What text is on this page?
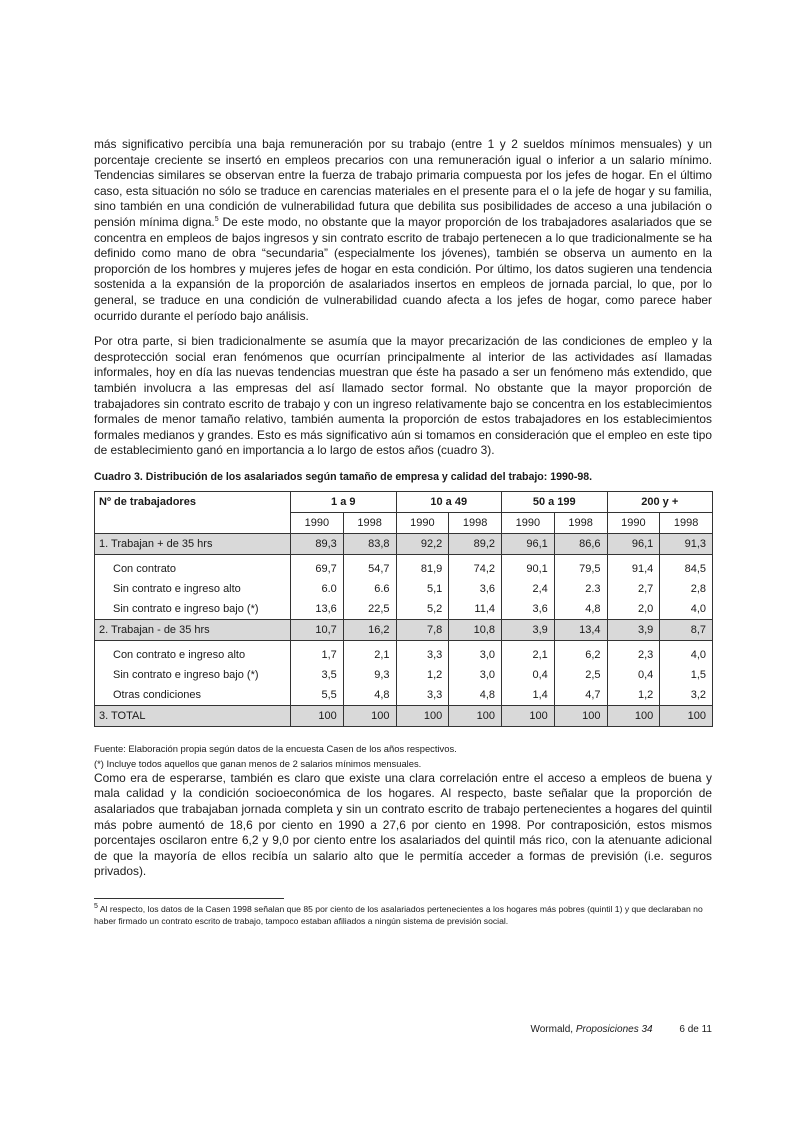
más significativo percibía una baja remuneración por su trabajo (entre 1 y 2 sueldos mínimos mensuales) y un porcentaje creciente se insertó en empleos precarios con una remuneración igual o inferior a un salario mínimo. Tendencias similares se observan entre la fuerza de trabajo primaria compuesta por los jefes de hogar. En el último caso, esta situación no sólo se traduce en carencias materiales en el presente para el o la jefe de hogar y su familia, sino también en una condición de vulnerabilidad futura que debilita sus posibilidades de acceso a una jubilación o pensión mínima digna.$^5$ De este modo, no obstante que la mayor proporción de los trabajadores asalariados que se concentra en empleos de bajos ingresos y sin contrato escrito de trabajo pertenecen a lo que tradicionalmente se ha definido como mano de obra “secundaria” (especialmente los jóvenes), también se observa un aumento en la proporción de los hombres y mujeres jefes de hogar en esta condición. Por último, los datos sugieren una tendencia sostenida a la expansión de la proporción de asalariados insertos en empleos de jornada parcial, lo que, por lo general, se traduce en una condición de vulnerabilidad cuando afecta a los jefes de hogar, como parece haber ocurrido durante el período bajo análisis.

Por otra parte, si bien tradicionalmente se asumía que la mayor precarización de las condiciones de empleo y la desprotección social eran fenómenos que ocurrían principalmente al interior de las actividades así llamadas informales, hoy en día las nuevas tendencias muestran que éste ha pasado a ser un fenómeno más extendido, que también involucra a las empresas del así llamado sector formal. No obstante que la mayor proporción de trabajadores sin contrato escrito de trabajo y con un ingreso relativamente bajo se concentra en los establecimientos formales de menor tamaño relativo, también aumenta la proporción de estos trabajadores en los establecimientos formales medianos y grandes. Esto es más significativo aún si tomamos en consideración que el empleo en este tipo de establecimiento ganó en importancia a lo largo de estos años (cuadro 3).

Cuadro 3. Distribución de los asalariados según tamaño de empresa y calidad del trabajo: 1990-98.
Nº de trabajadores	1 a 9		10 a 49		50 a 199		200 y +	
	1990	1998	1990	1998	1990	1998	1990	1998
1. Trabajan + de 35 hrs	89,3	83,8	92,2	89,2	96,1	86,6	96,1	91,3

Con contrato	69,7	54,7	81,9	74,2	90,1	79,5	91,4	84,5
Sin contrato e ingreso alto	6.0	6.6	5,1	3,6	2,4	2.3	2,7	2,8
Sin contrato e ingreso bajo (*)	13,6	22,5	5,2	11,4	3,6	4,8	2,0	4,0
2. Trabajan - de 35 hrs	10,7	16,2	7,8	10,8	3,9	13,4	3,9	8,7

Con contrato e ingreso alto	1,7	2,1	3,3	3,0	2,1	6,2	2,3	4,0
Sin contrato e ingreso bajo (*)	3,5	9,3	1,2	3,0	0,4	2,5	0,4	1,5
Otras condiciones	5,5	4,8	3,3	4,8	1,4	4,7	1,2	3,2
3. TOTAL	100	100	100	100	100	100	100	100
Fuente: Elaboración propia según datos de la encuesta Casen de los años respectivos.
(*) Incluye todos aquellos que ganan menos de 2 salarios mínimos mensuales.

Como era de esperarse, también es claro que existe una clara correlación entre el acceso a empleos de buena y mala calidad y la condición socioeconómica de los hogares. Al respecto, baste señalar que la proporción de asalariados que trabajaban jornada completa y sin un contrato escrito de trabajo pertenecientes a hogares del quintil más pobre aumentó de 18,6 por ciento en 1990 a 27,6 por ciento en 1998. Por contraposición, estos mismos porcentajes oscilaron entre 6,2 y 9,0 por ciento entre los asalariados del quintil más rico, con la atenuante adicional de que la mayoría de ellos recibía un salario alto que le permitía acceder a formas de previsión (i.e. seguros privados).

$^5$ Al respecto, los datos de la Casen 1998 señalan que 85 por ciento de los asalariados pertenecientes a los hogares más pobres (quintil 1) y que declaraban no haber firmado un contrato escrito de trabajo, tampoco estaban afiliados a ningún sistema de previsión social.
Wormald, Proposiciones 34	6 de 11
